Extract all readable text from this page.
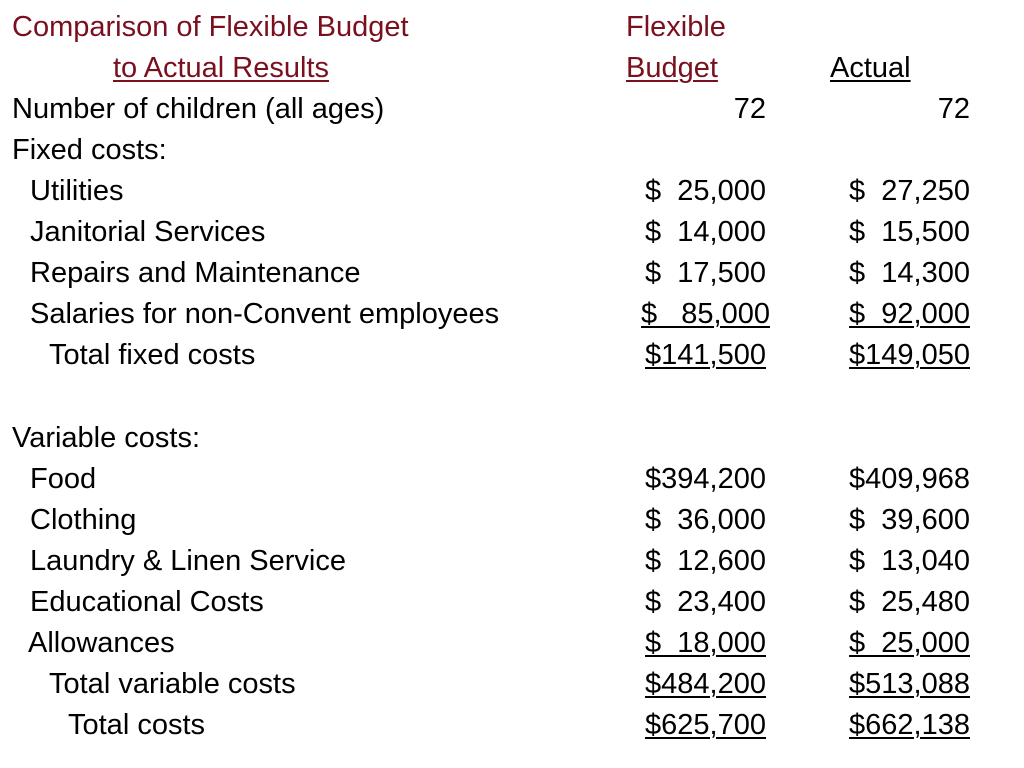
Comparison of Flexible Budget
to Actual Results
Flexible
Budget	Actual
Number of children (all ages)	72	72
Fixed costs:
Utilities	$  25,000	$  27,250
Janitorial Services	$  14,000	$  15,500
Repairs and Maintenance	$  17,500	$  14,300
Salaries for non-Convent employees	$   85,000	$  92,000
Total fixed costs	$141,500	$149,050
Variable costs:
Food	$394,200	$409,968
Clothing	$  36,000	$  39,600
Laundry & Linen Service	$  12,600	$  13,040
Educational Costs	$  23,400	$  25,480
Allowances	$  18,000	$  25,000
Total variable costs	$484,200	$513,088
Total costs	$625,700	$662,138
